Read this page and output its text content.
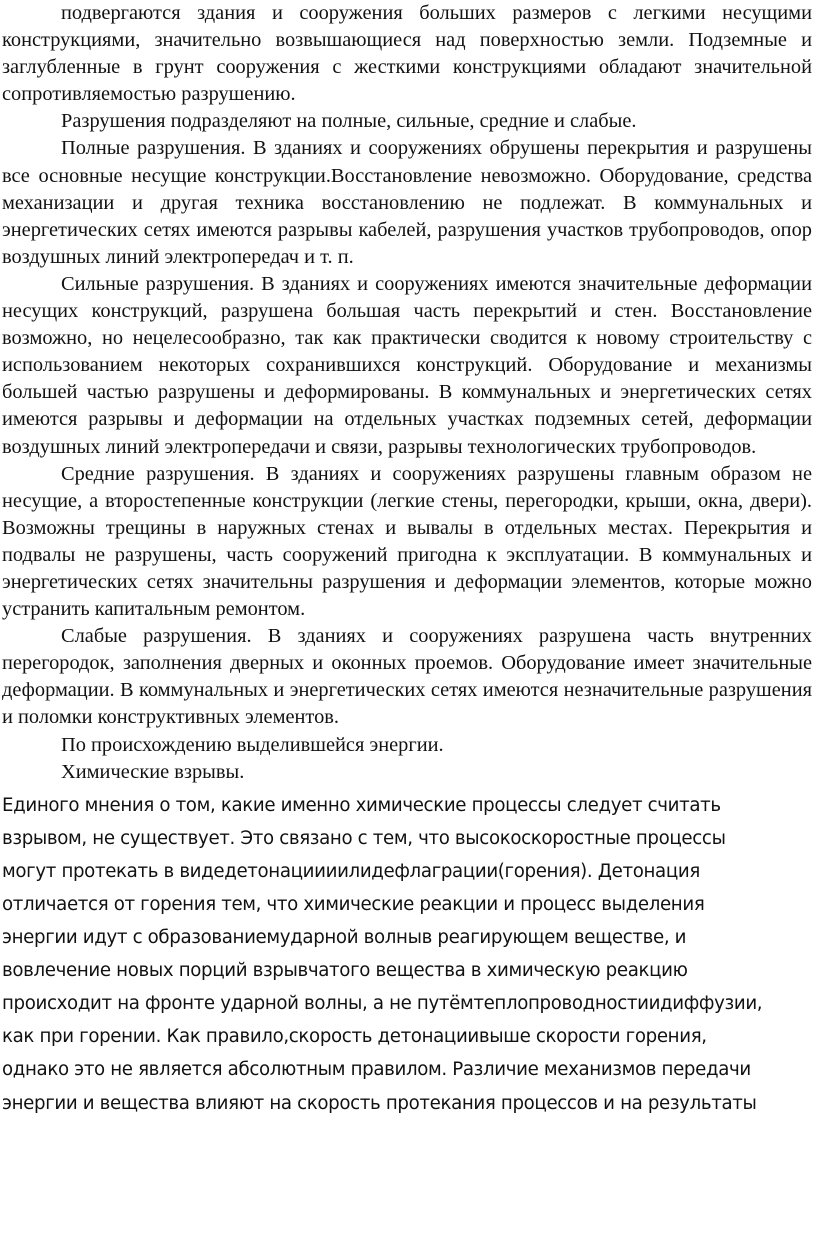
подвергаются здания и сооружения больших размеров с легкими несущими конструкциями, значительно возвышающиеся над поверхностью земли. Подземные и заглубленные в грунт сооружения с жесткими конструкциями обладают значительной сопротивляемостью разрушению.

Разрушения подразделяют на полные, сильные, средние и слабые.

Полные разрушения. В зданиях и сооружениях обрушены перекрытия и разрушены все основные несущие конструкции.Восстановление невозможно. Оборудование, средства механизации и другая техника восстановлению не подлежат. В коммунальных и энергетических сетях имеются разрывы кабелей, разрушения участков трубопроводов, опор воздушных линий электропередач и т. п.

Сильные разрушения. В зданиях и сооружениях имеются значительные деформации несущих конструкций, разрушена большая часть перекрытий и стен. Восстановление возможно, но нецелесообразно, так как практически сводится к новому строительству с использованием некоторых сохранившихся конструкций. Оборудование и механизмы большей частью разрушены и деформированы. В коммунальных и энергетических сетях имеются разрывы и деформации на отдельных участках подземных сетей, деформации воздушных линий электропередачи и связи, разрывы технологических трубопроводов.

Средние разрушения. В зданиях и сооружениях разрушены главным образом не несущие, а второстепенные конструкции (легкие стены, перегородки, крыши, окна, двери). Возможны трещины в наружных стенах и вывалы в отдельных местах. Перекрытия и подвалы не разрушены, часть сооружений пригодна к эксплуатации. В коммунальных и энергетических сетях значительны разрушения и деформации элементов, которые можно устранить капитальным ремонтом.

Слабые разрушения. В зданиях и сооружениях разрушена часть внутренних перегородок, заполнения дверных и оконных проемов. Оборудование имеет значительные деформации. В коммунальных и энергетических сетях имеются незначительные разрушения и поломки конструктивных элементов.

По происхождению выделившейся энергии.

Химические взрывы.

Единого мнения о том, какие именно химические процессы следует считать

взрывом, не существует. Это связано с тем, что высокоскоростные процессы

могут протекать в видедетонациииилидефлаграции(горения). Детонация

отличается от горения тем, что химические реакции и процесс выделения

энергии идут с образованиемударной волныв реагирующем веществе, и

вовлечение новых порций взрывчатого вещества в химическую реакцию

происходит на фронте ударной волны, а не путёмтеплопроводностиидиффузии,

как при горении. Как правило,скорость детонациивыше скорости горения,

однако это не является абсолютным правилом. Различие механизмов передачи

энергии и вещества влияют на скорость протекания процессов и на результаты
